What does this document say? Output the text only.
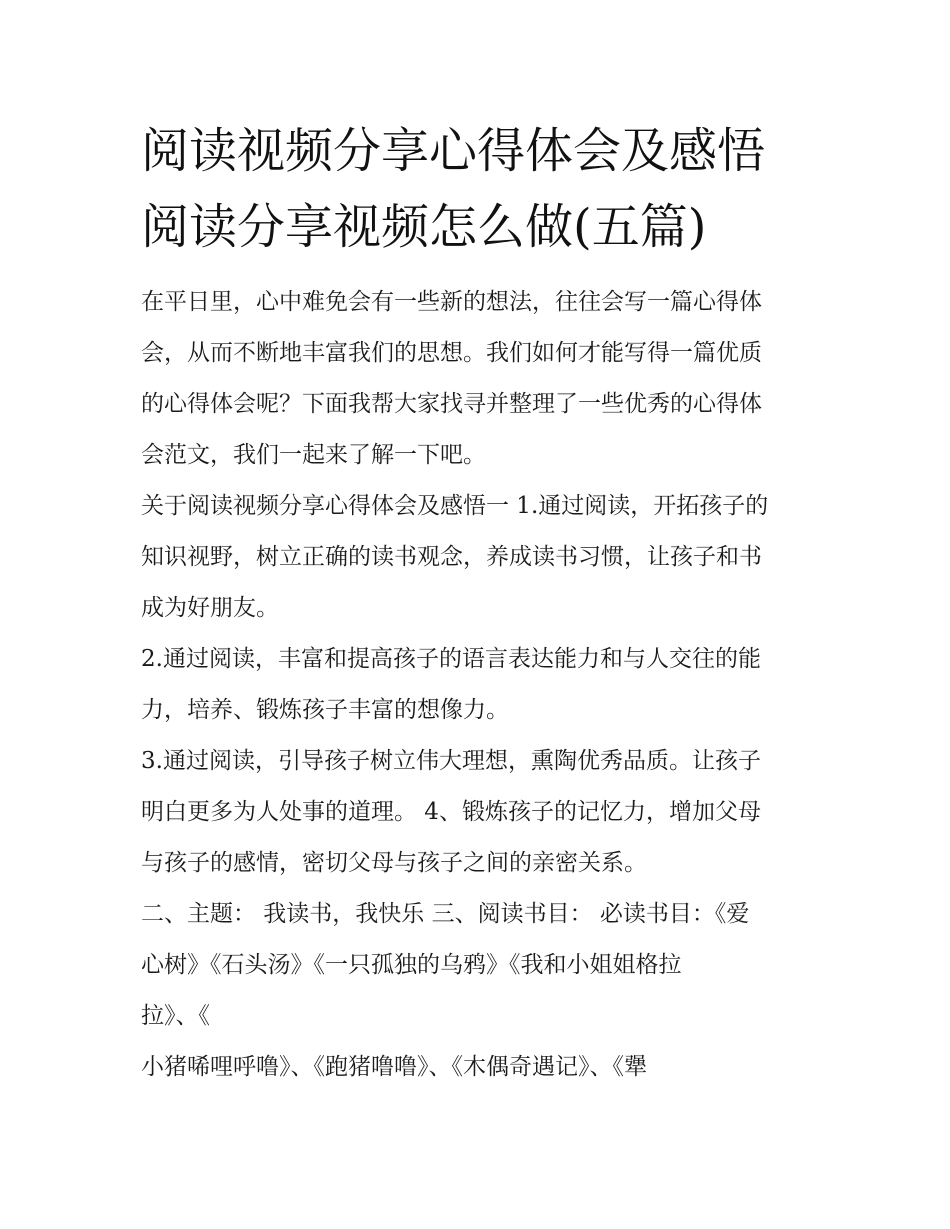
阅读视频分享心得体会及感悟
阅读分享视频怎么做(五篇)

在平日里，心中难免会有一些新的想法，往往会写一篇心得体
会，从而不断地丰富我们的思想。我们如何才能写得一篇优质
的心得体会呢？下面我帮大家找寻并整理了一些优秀的心得体
会范文，我们一起来了解一下吧。

关于阅读视频分享心得体会及感悟一 1.通过阅读，开拓孩子的
知识视野，树立正确的读书观念，养成读书习惯，让孩子和书
成为好朋友。

2.通过阅读，丰富和提高孩子的语言表达能力和与人交往的能
力，培养、锻炼孩子丰富的想像力。

3.通过阅读，引导孩子树立伟大理想，熏陶优秀品质。让孩子
明白更多为人处事的道理。 4、锻炼孩子的记忆力，增加父母
与孩子的感情，密切父母与孩子之间的亲密关系。

二、主题： 我读书，我快乐 三、阅读书目： 必读书目：《爱
心树》《石头汤》《一只孤独的乌鸦》《我和小姐姐格拉
拉》、《

小猪唏哩呼噜》、《跑猪噜噜》、《木偶奇遇记》、《犟
